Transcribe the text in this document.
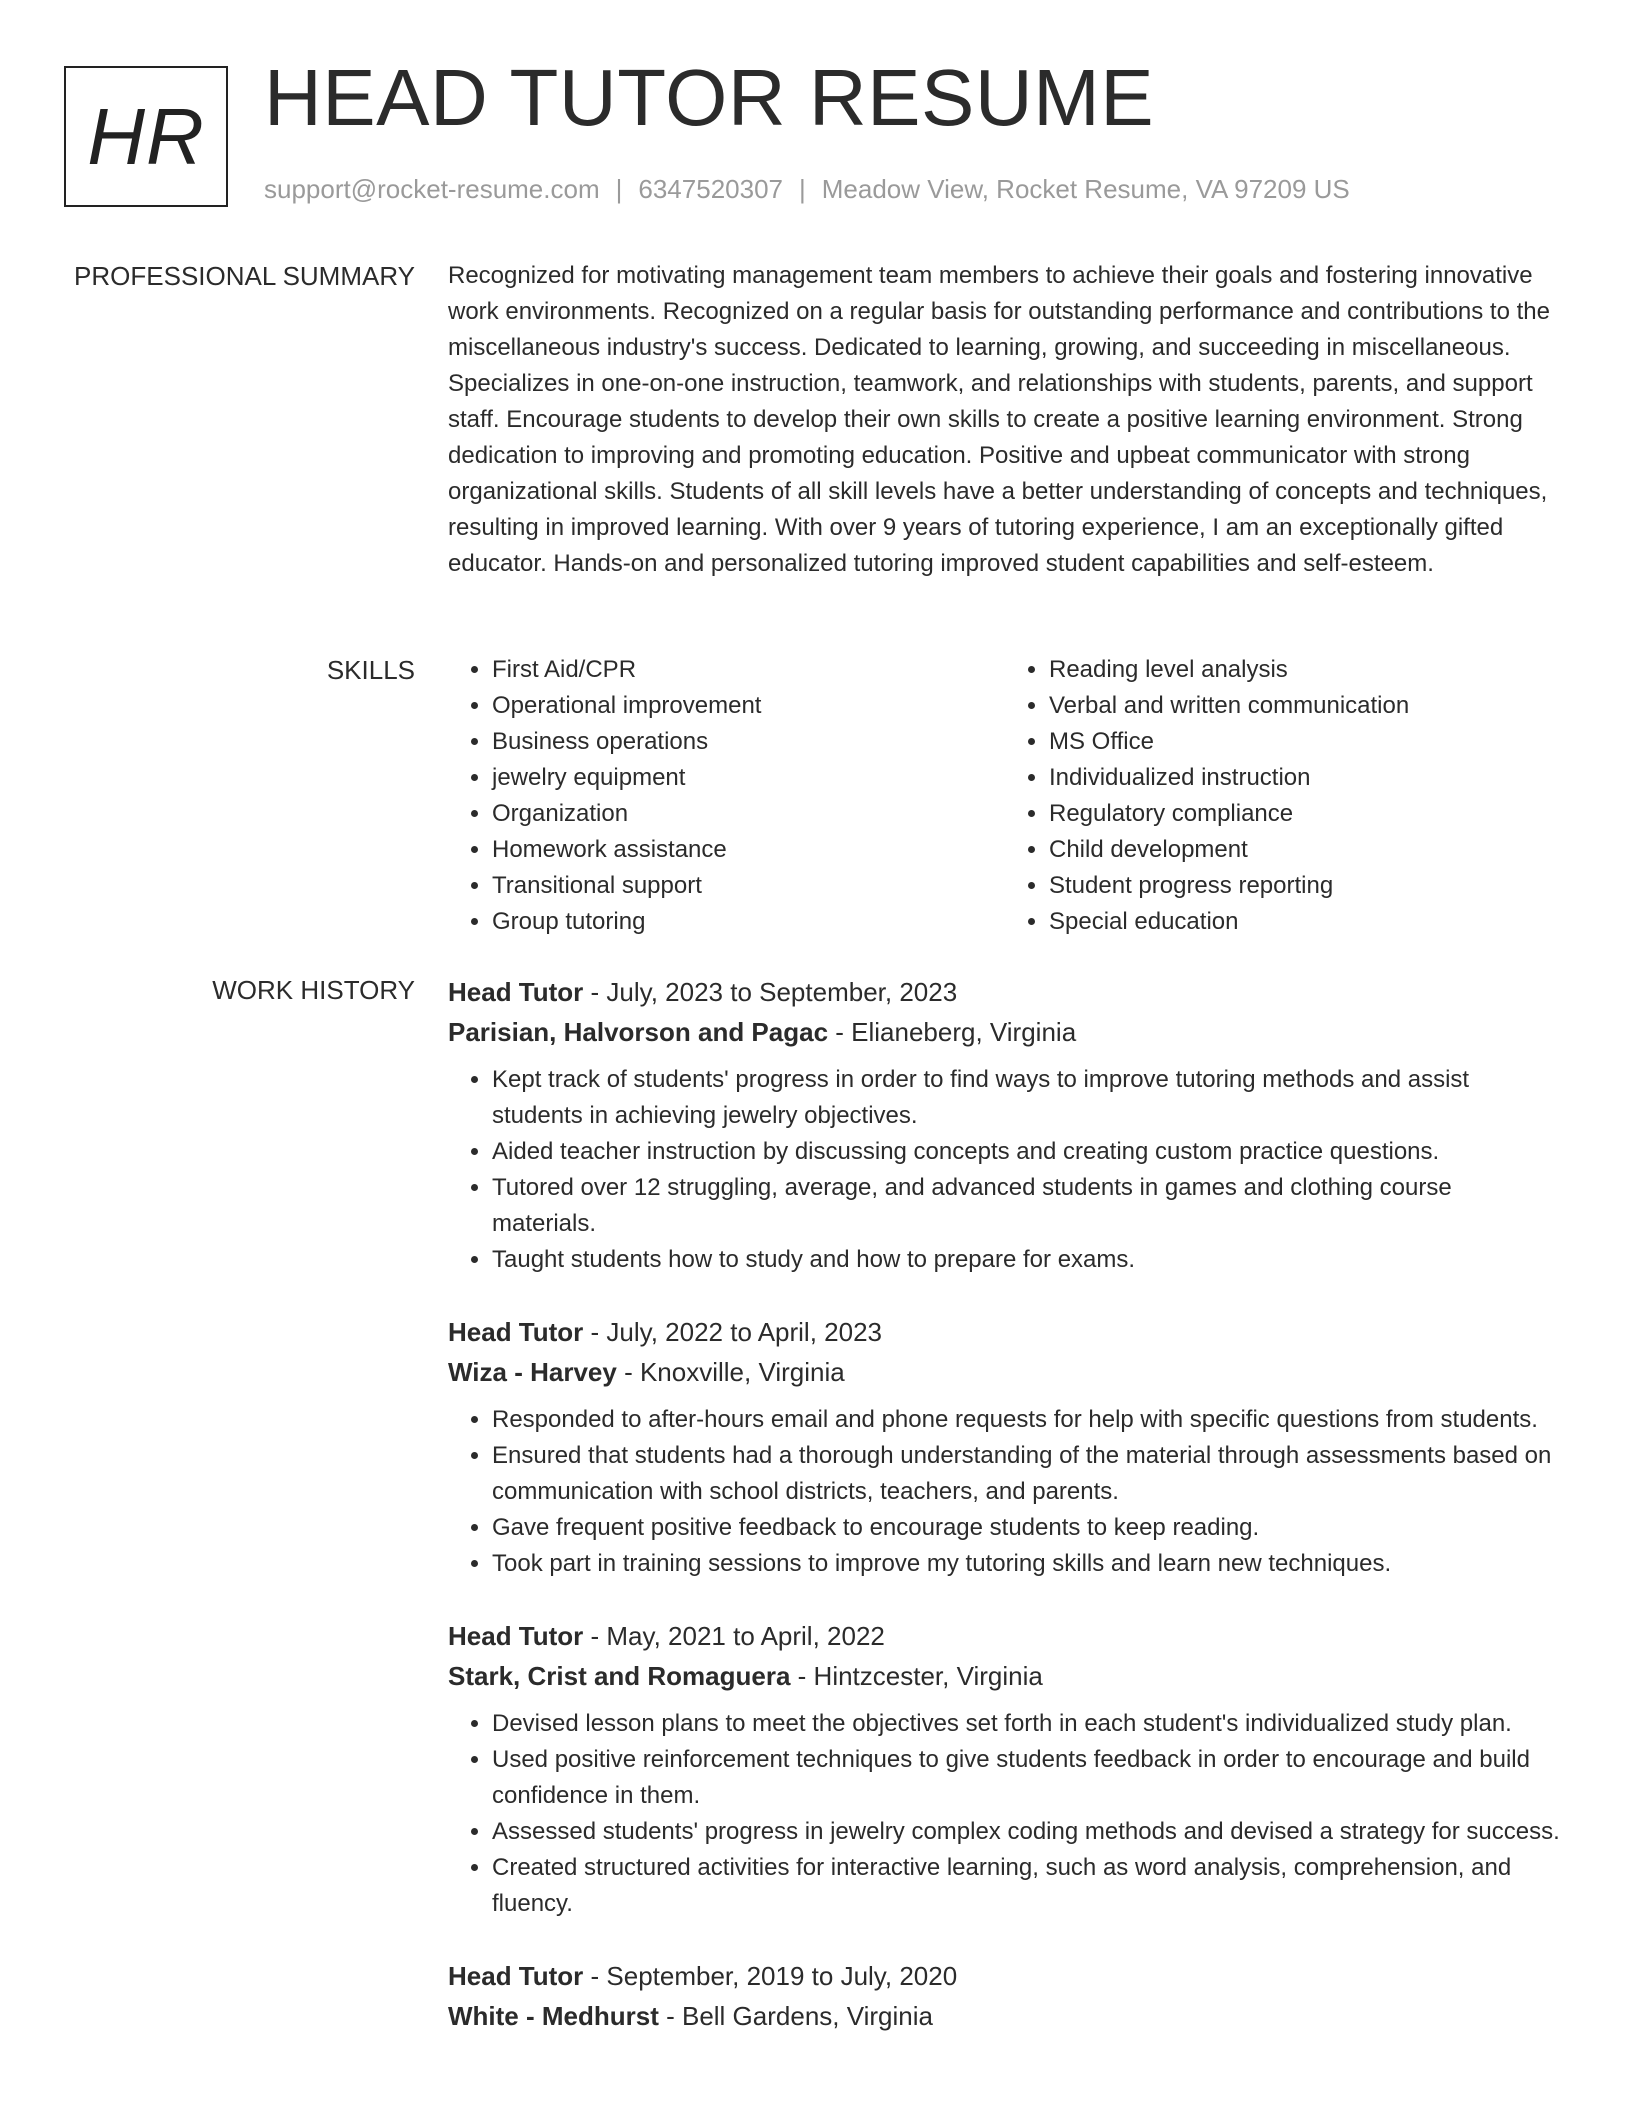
HR HEAD TUTOR RESUME
support@rocket-resume.com | 6347520307 | Meadow View, Rocket Resume, VA 97209 US
PROFESSIONAL SUMMARY Recognized for motivating management team members to achieve their goals and fostering innovative work environments. Recognized on a regular basis for outstanding performance and contributions to the miscellaneous industry's success. Dedicated to learning, growing, and succeeding in miscellaneous. Specializes in one-on-one instruction, teamwork, and relationships with students, parents, and support staff. Encourage students to develop their own skills to create a positive learning environment. Strong dedication to improving and promoting education. Positive and upbeat communicator with strong organizational skills. Students of all skill levels have a better understanding of concepts and techniques, resulting in improved learning. With over 9 years of tutoring experience, I am an exceptionally gifted educator. Hands-on and personalized tutoring improved student capabilities and self-esteem.

SKILLS
•	First Aid/CPR
• Operational improvement
• Business operations
• jewelry equipment
• Organization
• Homework assistance
• Transitional support
• Group tutoring
• Reading level analysis
• Verbal and written communication
• MS Office
• Individualized instruction
• Regulatory compliance
• Child development
• Student progress reporting
• Special education
WORK HISTORY Head Tutor - July, 2023 to September, 2023
Parisian, Halvorson and Pagac - Elianeberg, Virginia
• Kept track of students' progress in order to find ways to improve tutoring methods and assist students in achieving jewelry objectives.
• Aided teacher instruction by discussing concepts and creating custom practice questions.
• Tutored over 12 struggling, average, and advanced students in games and clothing course materials.
• Taught students how to study and how to prepare for exams.
Head Tutor - July, 2022 to April, 2023
Wiza - Harvey - Knoxville, Virginia
• Responded to after-hours email and phone requests for help with specific questions from students.
• Ensured that students had a thorough understanding of the material through assessments based on communication with school districts, teachers, and parents.
• Gave frequent positive feedback to encourage students to keep reading.
• Took part in training sessions to improve my tutoring skills and learn new techniques.
Head Tutor - May, 2021 to April, 2022
Stark, Crist and Romaguera - Hintzcester, Virginia
• Devised lesson plans to meet the objectives set forth in each student's individualized study plan.
• Used positive reinforcement techniques to give students feedback in order to encourage and build confidence in them.
• Assessed students' progress in jewelry complex coding methods and devised a strategy for success.
• Created structured activities for interactive learning, such as word analysis, comprehension, and fluency.
Head Tutor - September, 2019 to July, 2020
White - Medhurst - Bell Gardens, Virginia
